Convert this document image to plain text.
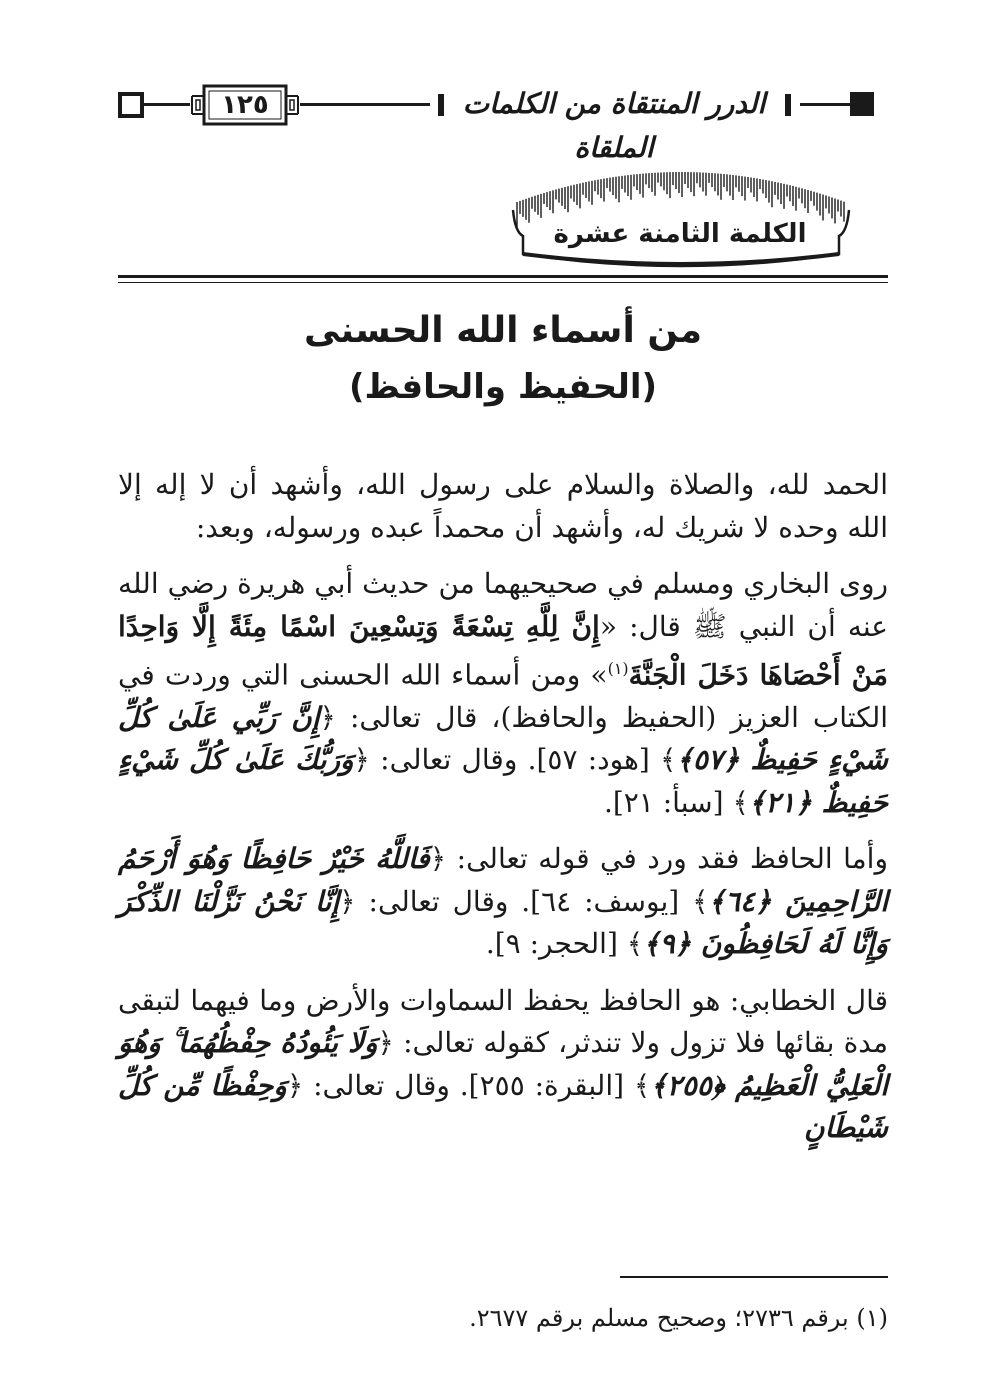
١٢٥	الدرر المنتقاة من الكلمات الملقاة
الكلمة الثامنة عشرة
من أسماء الله الحسنى
(الحفيظ والحافظ)

الحمد لله، والصلاة والسلام على رسول الله، وأشهد أن لا إله إلا الله وحده لا شريك له، وأشهد أن محمداً عبده ورسوله، وبعد:

روى البخاري ومسلم في صحيحيهما من حديث أبي هريرة رضي الله عنه أن النبي ﷺ قال: «إِنَّ لِلَّهِ تِسْعَةً وَتِسْعِينَ اسْمًا مِئَةً إِلَّا وَاحِدًا مَنْ أَحْصَاهَا دَخَلَ الْجَنَّةَ$^{(١)}$» ومن أسماء الله الحسنى التي وردت في الكتاب العزيز (الحفيظ والحافظ)، قال تعالى: ﴿إِنَّ رَبِّي عَلَىٰ كُلِّ شَيْءٍ حَفِيظٌ ﴿٥٧﴾﴾ [هود: ٥٧]. وقال تعالى: ﴿وَرَبُّكَ عَلَىٰ كُلِّ شَيْءٍ حَفِيظٌ ﴿٢١﴾﴾ [سبأ: ٢١].

وأما الحافظ فقد ورد في قوله تعالى: ﴿فَاللَّهُ خَيْرٌ حَافِظًا وَهُوَ أَرْحَمُ الرَّاحِمِينَ ﴿٦٤﴾﴾ [يوسف: ٦٤]. وقال تعالى: ﴿إِنَّا نَحْنُ نَزَّلْنَا الذِّكْرَ وَإِنَّا لَهُ لَحَافِظُونَ ﴿٩﴾﴾ [الحجر: ٩].

قال الخطابي: هو الحافظ يحفظ السماوات والأرض وما فيهما لتبقى مدة بقائها فلا تزول ولا تندثر، كقوله تعالى: ﴿وَلَا يَئُودُهُ حِفْظُهُمَا ۚ وَهُوَ الْعَلِيُّ الْعَظِيمُ ﴿٢٥٥﴾﴾ [البقرة: ٢٥٥]. وقال تعالى: ﴿وَحِفْظًا مِّن كُلِّ شَيْطَانٍ

(١) برقم ٢٧٣٦؛ وصحيح مسلم برقم ٢٦٧٧.
